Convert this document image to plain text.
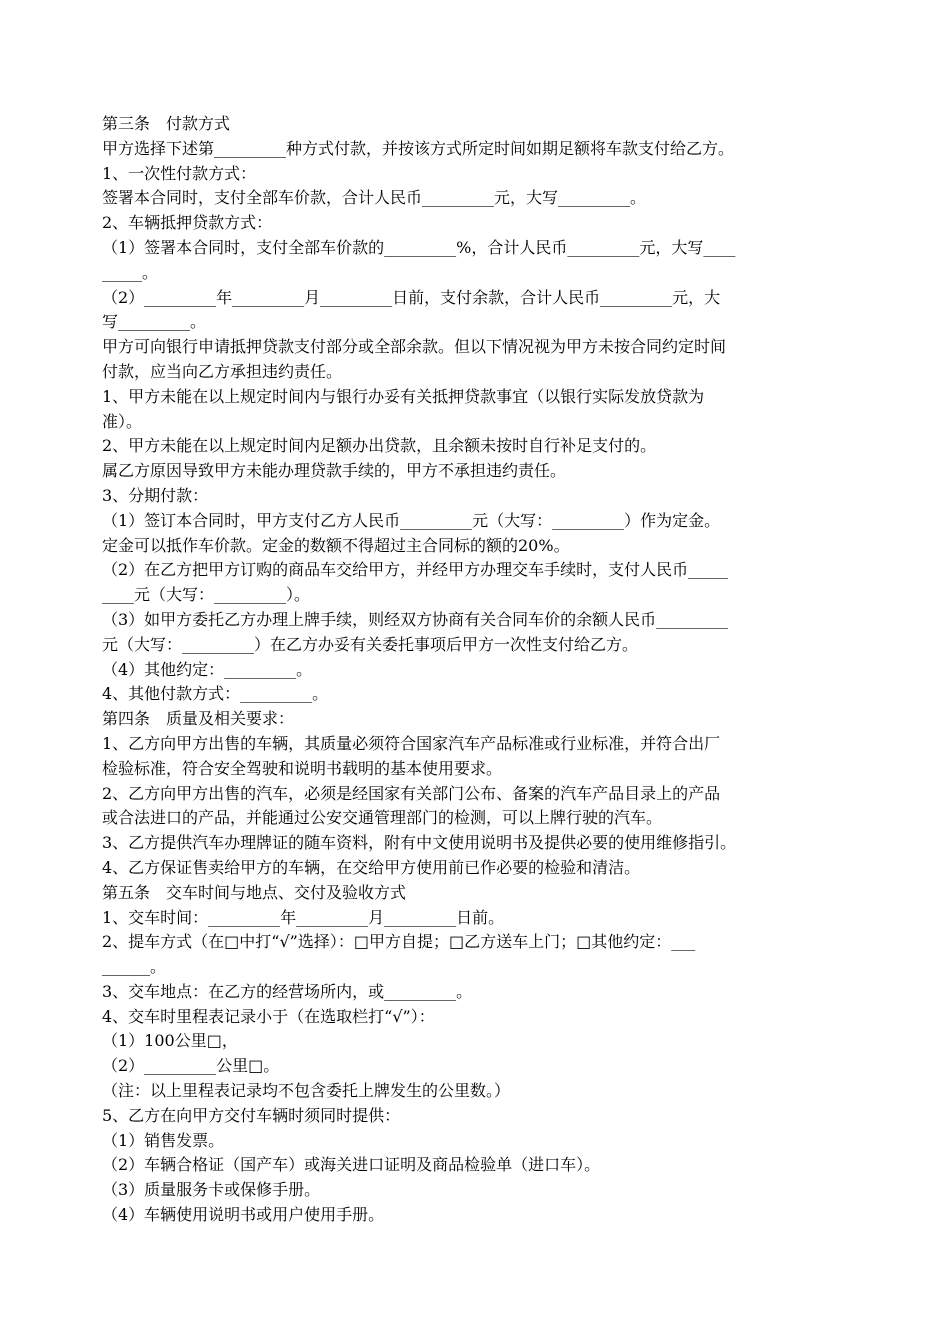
第三条　付款方式
甲方选择下述第_________种方式付款，并按该方式所定时间如期足额将车款支付给乙方。
1、一次性付款方式：
签署本合同时，支付全部车价款，合计人民币_________元，大写_________。
2、车辆抵押贷款方式：
（1）签署本合同时，支付全部车价款的_________%，合计人民币_________元，大写____
_____。
（2）_________年_________月_________日前，支付余款，合计人民币_________元，大
写_________。
甲方可向银行申请抵押贷款支付部分或全部余款。但以下情况视为甲方未按合同约定时间
付款，应当向乙方承担违约责任。
1、甲方未能在以上规定时间内与银行办妥有关抵押贷款事宜（以银行实际发放贷款为
准）。
2、甲方未能在以上规定时间内足额办出贷款，且余额未按时自行补足支付的。
属乙方原因导致甲方未能办理贷款手续的，甲方不承担违约责任。
3、分期付款：
（1）签订本合同时，甲方支付乙方人民币_________元（大写：_________）作为定金。
定金可以抵作车价款。定金的数额不得超过主合同标的额的20%。
（2）在乙方把甲方订购的商品车交给甲方，并经甲方办理交车手续时，支付人民币_____
____元（大写：_________）。
（3）如甲方委托乙方办理上牌手续，则经双方协商有关合同车价的余额人民币_________
元（大写：_________）在乙方办妥有关委托事项后甲方一次性支付给乙方。
（4）其他约定：_________。
4、其他付款方式：_________。
第四条　质量及相关要求：
1、乙方向甲方出售的车辆，其质量必须符合国家汽车产品标准或行业标准，并符合出厂
检验标准，符合安全驾驶和说明书载明的基本使用要求。
2、乙方向甲方出售的汽车，必须是经国家有关部门公布、备案的汽车产品目录上的产品
或合法进口的产品，并能通过公安交通管理部门的检测，可以上牌行驶的汽车。
3、乙方提供汽车办理牌证的随车资料，附有中文使用说明书及提供必要的使用维修指引。
4、乙方保证售卖给甲方的车辆，在交给甲方使用前已作必要的检验和清洁。
第五条　交车时间与地点、交付及验收方式
1、交车时间：_________年_________月_________日前。
2、提车方式（在□中打“√”选择）：□甲方自提；□乙方送车上门；□其他约定：___
______。
3、交车地点：在乙方的经营场所内，或_________。
4、交车时里程表记录小于（在选取栏打“√”）：
（1）100公里□，
（2）_________公里□。
（注：以上里程表记录均不包含委托上牌发生的公里数。）
5、乙方在向甲方交付车辆时须同时提供：
（1）销售发票。
（2）车辆合格证（国产车）或海关进口证明及商品检验单（进口车）。
（3）质量服务卡或保修手册。
（4）车辆使用说明书或用户使用手册。
